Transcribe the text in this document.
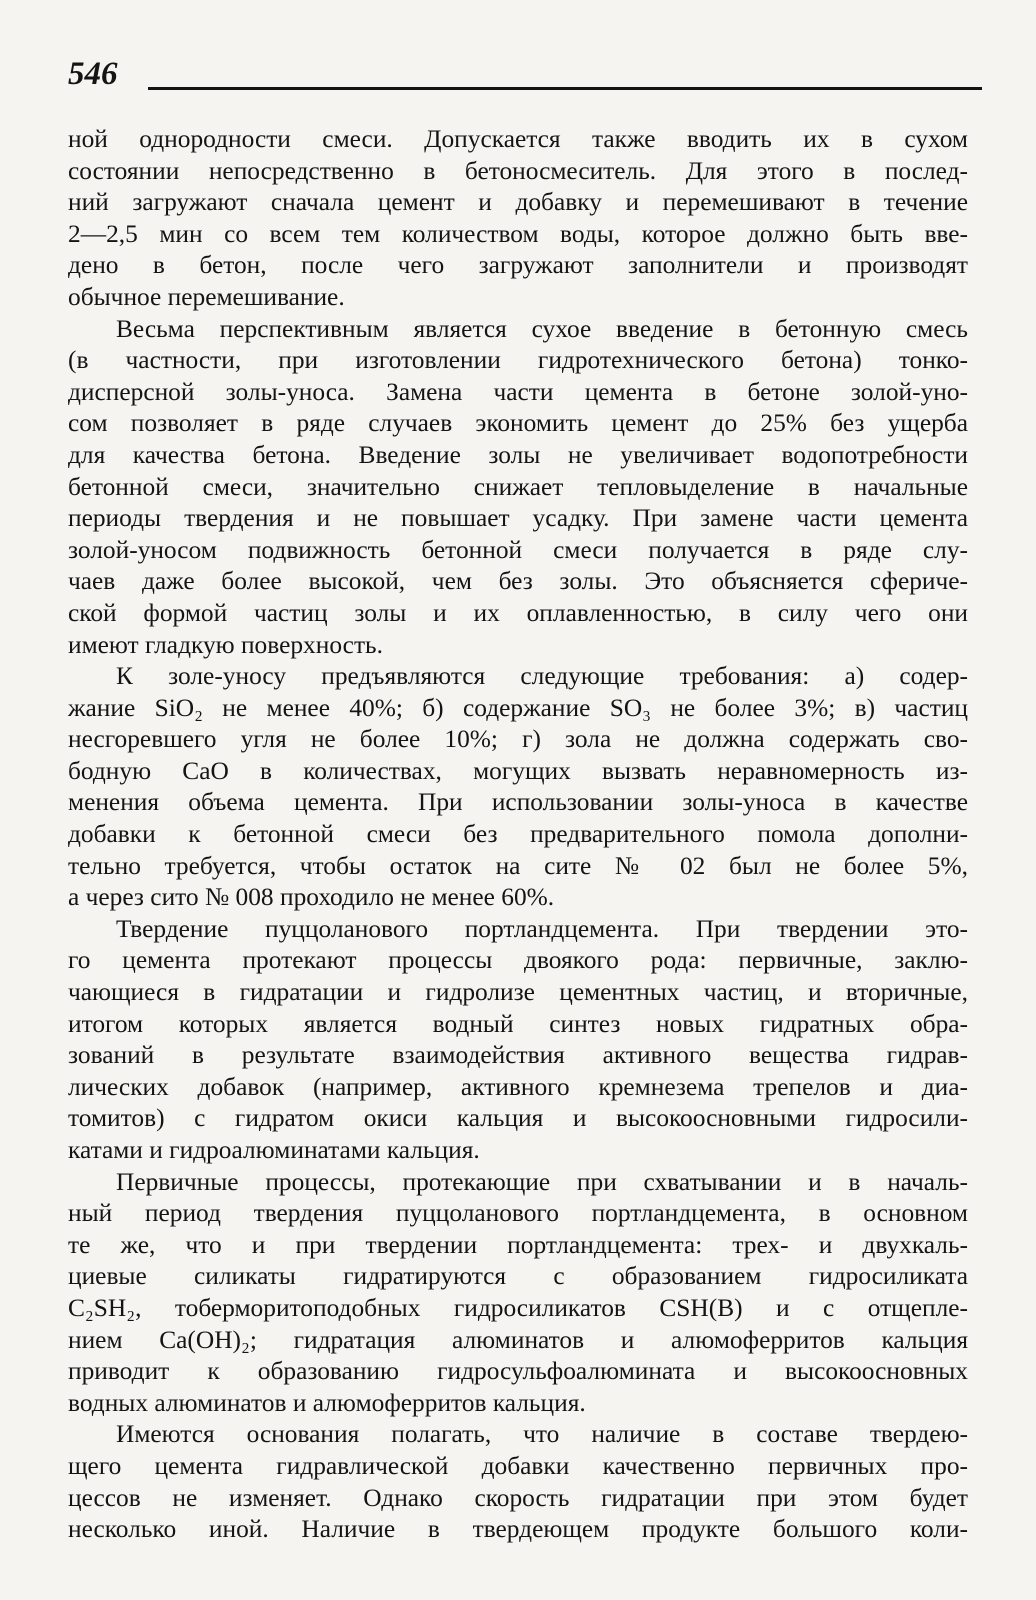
546

ной однородности смеси. Допускается также вводить их в сухом
состоянии непосредственно в бетоносмеситель. Для этого в послед-
ний загружают сначала цемент и добавку и перемешивают в течение
2—2,5 мин со всем тем количеством воды, которое должно быть вве-
дено в бетон, после чего загружают заполнители и производят
обычное перемешивание.

Весьма перспективным является сухое введение в бетонную смесь
(в частности, при изготовлении гидротехнического бетона) тонко-
дисперсной золы-уноса. Замена части цемента в бетоне золой-уно-
сом позволяет в ряде случаев экономить цемент до 25% без ущерба
для качества бетона. Введение золы не увеличивает водопотребности
бетонной смеси, значительно снижает тепловыделение в начальные
периоды твердения и не повышает усадку. При замене части цемента
золой-уносом подвижность бетонной смеси получается в ряде слу-
чаев даже более высокой, чем без золы. Это объясняется сфериче-
ской формой частиц золы и их оплавленностью, в силу чего они
имеют гладкую поверхность.

К золе-уносу предъявляются следующие требования: а) содер-
жание SiO₂ не менее 40%; б) содержание SO₃ не более 3%; в) частиц
несгоревшего угля не более 10%; г) зола не должна содержать сво-
бодную CaO в количествах, могущих вызвать неравномерность из-
менения объема цемента. При использовании золы-уноса в качестве
добавки к бетонной смеси без предварительного помола дополни-
тельно требуется, чтобы остаток на сите № 02 был не более 5%,
а через сито № 008 проходило не менее 60%.

Твердение пуццоланового портландцемента. При твердении это-
го цемента протекают процессы двоякого рода: первичные, заклю-
чающиеся в гидратации и гидролизе цементных частиц, и вторичные,
итогом которых является водный синтез новых гидратных обра-
зований в результате взаимодействия активного вещества гидрав-
лических добавок (например, активного кремнезема трепелов и диа-
томитов) с гидратом окиси кальция и высокоосновными гидросили-
катами и гидроалюминатами кальция.

Первичные процессы, протекающие при схватывании и в началь-
ный период твердения пуццоланового портландцемента, в основном
те же, что и при твердении портландцемента: трех- и двухкаль-
циевые силикаты гидратируются с образованием гидросиликата
C₂SH₂, тоберморитоподобных гидросиликатов CSH(B) и с отщепле-
нием Ca(OH)₂; гидратация алюминатов и алюмоферритов кальция
приводит к образованию гидросульфоалюмината и высокоосновных
водных алюминатов и алюмоферритов кальция.

Имеются основания полагать, что наличие в составе твердею-
щего цемента гидравлической добавки качественно первичных про-
цессов не изменяет. Однако скорость гидратации при этом будет
несколько иной. Наличие в твердеющем продукте большого коли-
